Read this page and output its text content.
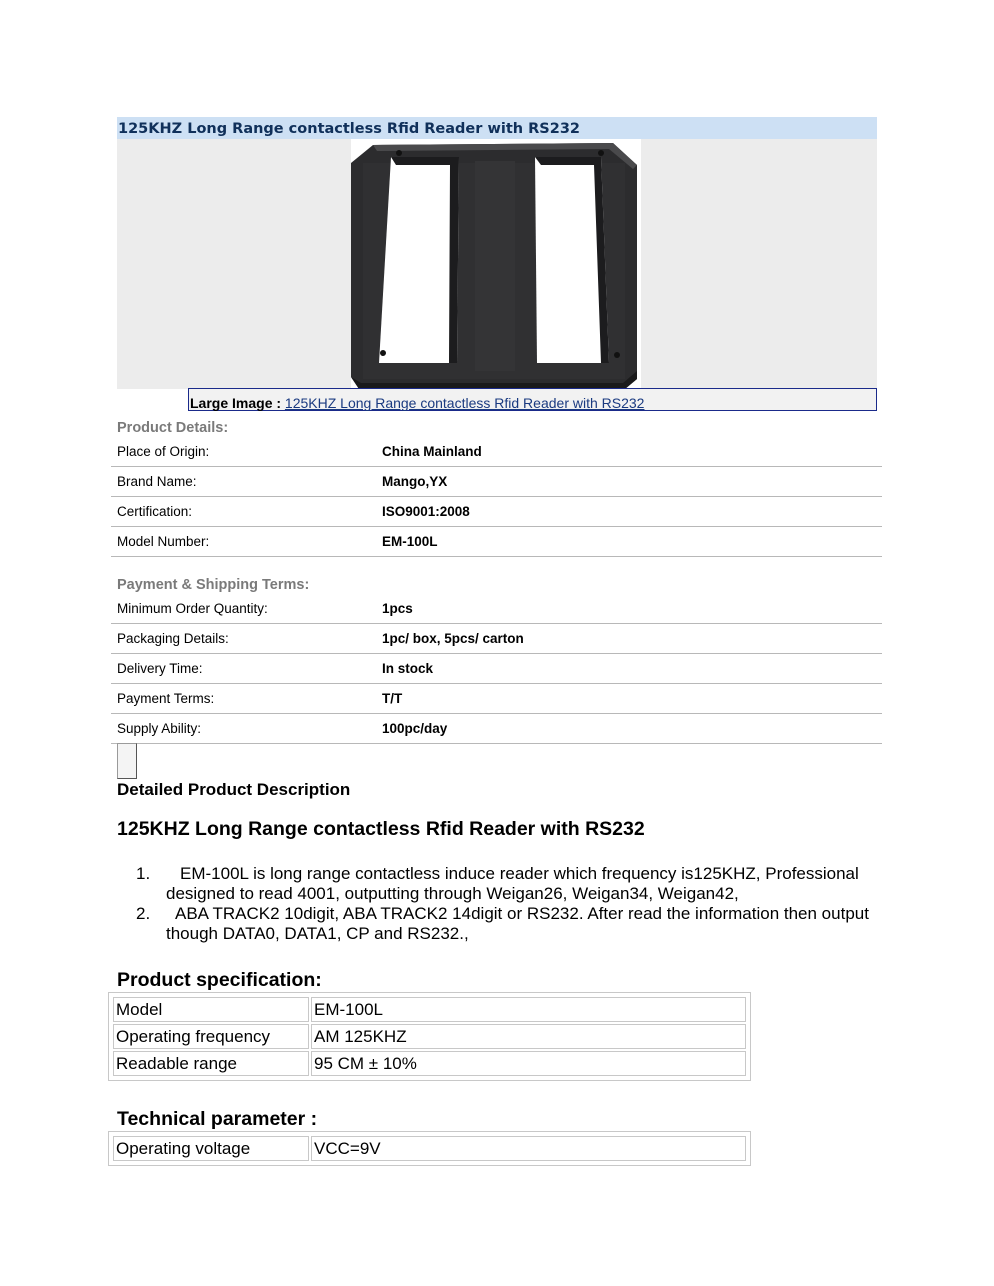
125KHZ Long Range contactless Rfid Reader with RS232
Large Image : 125KHZ Long Range contactless Rfid Reader with RS232
Product Details:
Place of Origin:	China Mainland
Brand Name:	Mango,YX
Certification:	ISO9001:2008
Model Number:	EM-100L
Payment & Shipping Terms:
Minimum Order Quantity:	1pcs
Packaging Details:	1pc/ box, 5pcs/ carton
Delivery Time:	In stock
Payment Terms:	T/T
Supply Ability:	100pc/day
Detailed Product Description
125KHZ Long Range contactless Rfid Reader with RS232
1. EM-100L is long range contactless induce reader which frequency is125KHZ, Professional designed to read 4001, outputting through Weigan26, Weigan34, Weigan42,
2. ABA TRACK2 10digit, ABA TRACK2 14digit or RS232. After read the information then output though DATA0, DATA1, CP and RS232.,
Product specification:
Model	EM-100L
Operating frequency	AM 125KHZ
Readable range	95 CM ± 10%
Technical parameter :
Operating voltage	VCC=9V
